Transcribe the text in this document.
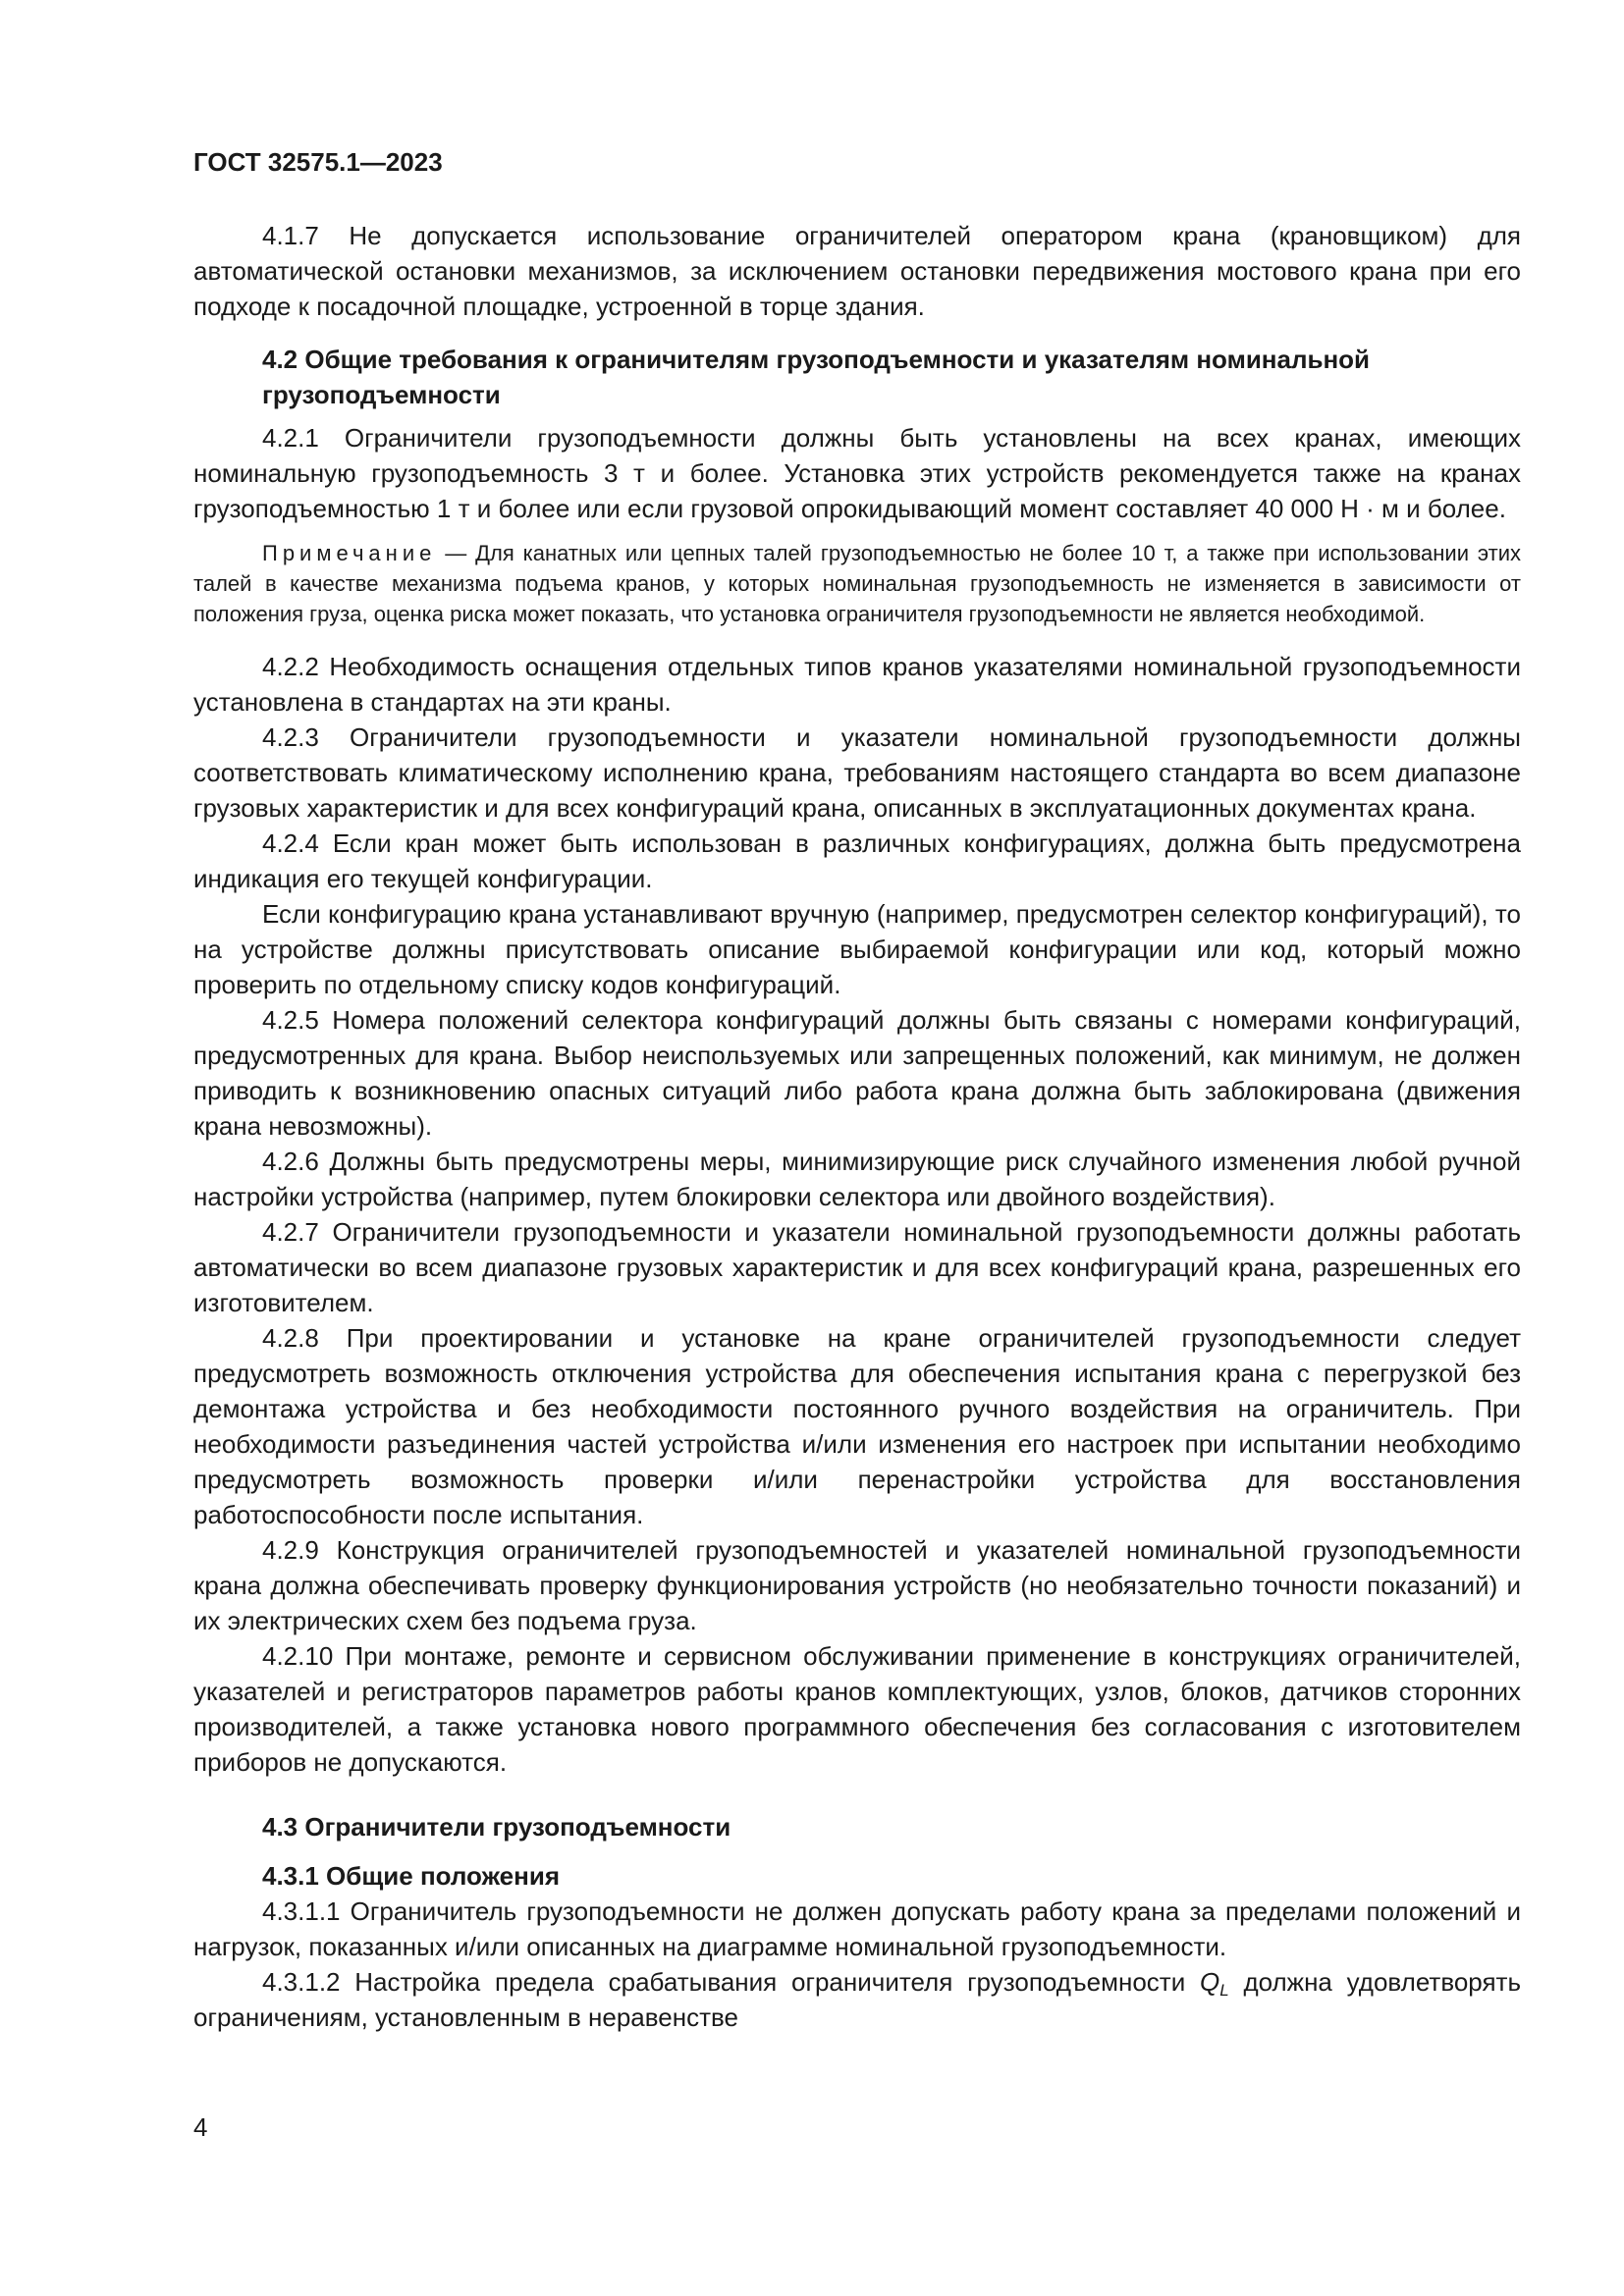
ГОСТ 32575.1—2023

4.1.7 Не допускается использование ограничителей оператором крана (крановщиком) для автоматической остановки механизмов, за исключением остановки передвижения мостового крана при его подходе к посадочной площадке, устроенной в торце здания.

4.2 Общие требования к ограничителям грузоподъемности и указателям номинальной грузоподъемности

4.2.1 Ограничители грузоподъемности должны быть установлены на всех кранах, имеющих номинальную грузоподъемность 3 т и более. Установка этих устройств рекомендуется также на кранах грузоподъемностью 1 т и более или если грузовой опрокидывающий момент составляет 40 000 Н · м и более.

Примечание — Для канатных или цепных талей грузоподъемностью не более 10 т, а также при использовании этих талей в качестве механизма подъема кранов, у которых номинальная грузоподъемность не изменяется в зависимости от положения груза, оценка риска может показать, что установка ограничителя грузоподъемности не является необходимой.

4.2.2 Необходимость оснащения отдельных типов кранов указателями номинальной грузоподъемности установлена в стандартах на эти краны.

4.2.3 Ограничители грузоподъемности и указатели номинальной грузоподъемности должны соответствовать климатическому исполнению крана, требованиям настоящего стандарта во всем диапазоне грузовых характеристик и для всех конфигураций крана, описанных в эксплуатационных документах крана.

4.2.4 Если кран может быть использован в различных конфигурациях, должна быть предусмотрена индикация его текущей конфигурации.

Если конфигурацию крана устанавливают вручную (например, предусмотрен селектор конфигураций), то на устройстве должны присутствовать описание выбираемой конфигурации или код, который можно проверить по отдельному списку кодов конфигураций.

4.2.5 Номера положений селектора конфигураций должны быть связаны с номерами конфигураций, предусмотренных для крана. Выбор неиспользуемых или запрещенных положений, как минимум, не должен приводить к возникновению опасных ситуаций либо работа крана должна быть заблокирована (движения крана невозможны).

4.2.6 Должны быть предусмотрены меры, минимизирующие риск случайного изменения любой ручной настройки устройства (например, путем блокировки селектора или двойного воздействия).

4.2.7 Ограничители грузоподъемности и указатели номинальной грузоподъемности должны работать автоматически во всем диапазоне грузовых характеристик и для всех конфигураций крана, разрешенных его изготовителем.

4.2.8 При проектировании и установке на кране ограничителей грузоподъемности следует предусмотреть возможность отключения устройства для обеспечения испытания крана с перегрузкой без демонтажа устройства и без необходимости постоянного ручного воздействия на ограничитель. При необходимости разъединения частей устройства и/или изменения его настроек при испытании необходимо предусмотреть возможность проверки и/или перенастройки устройства для восстановления работоспособности после испытания.

4.2.9 Конструкция ограничителей грузоподъемностей и указателей номинальной грузоподъемности крана должна обеспечивать проверку функционирования устройств (но необязательно точности показаний) и их электрических схем без подъема груза.

4.2.10 При монтаже, ремонте и сервисном обслуживании применение в конструкциях ограничителей, указателей и регистраторов параметров работы кранов комплектующих, узлов, блоков, датчиков сторонних производителей, а также установка нового программного обеспечения без согласования с изготовителем приборов не допускаются.

4.3 Ограничители грузоподъемности
4.3.1 Общие положения

4.3.1.1 Ограничитель грузоподъемности не должен допускать работу крана за пределами положений и нагрузок, показанных и/или описанных на диаграмме номинальной грузоподъемности.

4.3.1.2 Настройка предела срабатывания ограничителя грузоподъемности $Q_L$ должна удовлетворять ограничениям, установленным в неравенстве

4
